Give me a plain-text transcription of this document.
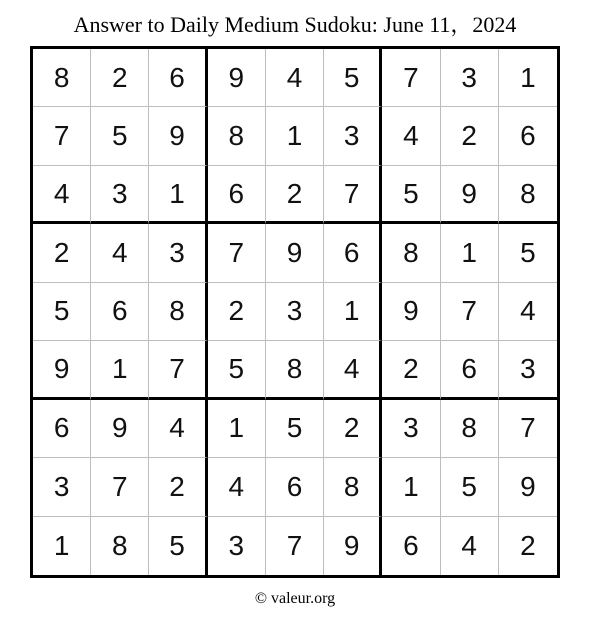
Answer to Daily Medium Sudoku: June 11，2024
8	2	6	9	4	5	7	3	1
7	5	9	8	1	3	4	2	6
4	3	1	6	2	7	5	9	8
2	4	3	7	9	6	8	1	5
5	6	8	2	3	1	9	7	4
9	1	7	5	8	4	2	6	3
6	9	4	1	5	2	3	8	7
3	7	2	4	6	8	1	5	9
1	8	5	3	7	9	6	4	2
© valeur.org
